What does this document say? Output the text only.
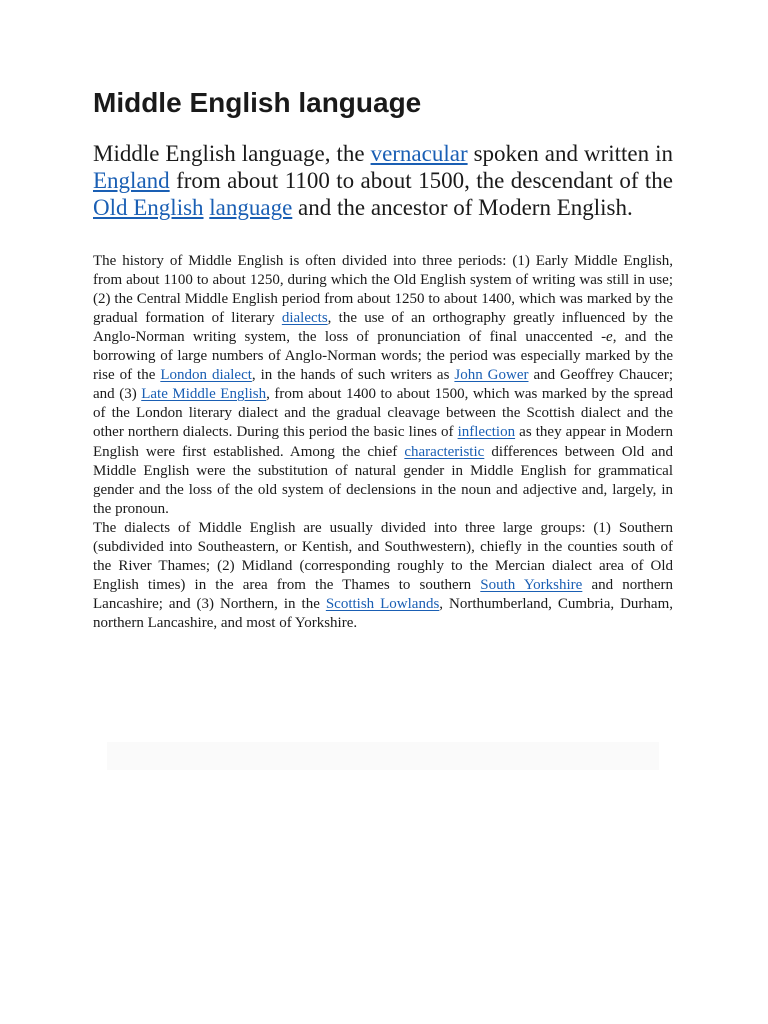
Middle English language

Middle English language, the vernacular spoken and written in England from about 1100 to about 1500, the descendant of the Old English language and the ancestor of Modern English.

The history of Middle English is often divided into three periods: (1) Early Middle English, from about 1100 to about 1250, during which the Old English system of writing was still in use; (2) the Central Middle English period from about 1250 to about 1400, which was marked by the gradual formation of literary dialects, the use of an orthography greatly influenced by the Anglo-Norman writing system, the loss of pronunciation of final unaccented -e, and the borrowing of large numbers of Anglo-Norman words; the period was especially marked by the rise of the London dialect, in the hands of such writers as John Gower and Geoffrey Chaucer; and (3) Late Middle English, from about 1400 to about 1500, which was marked by the spread of the London literary dialect and the gradual cleavage between the Scottish dialect and the other northern dialects. During this period the basic lines of inflection as they appear in Modern English were first established. Among the chief characteristic differences between Old and Middle English were the substitution of natural gender in Middle English for grammatical gender and the loss of the old system of declensions in the noun and adjective and, largely, in the pronoun.

The dialects of Middle English are usually divided into three large groups: (1) Southern (subdivided into Southeastern, or Kentish, and Southwestern), chiefly in the counties south of the River Thames; (2) Midland (corresponding roughly to the Mercian dialect area of Old English times) in the area from the Thames to southern South Yorkshire and northern Lancashire; and (3) Northern, in the Scottish Lowlands, Northumberland, Cumbria, Durham, northern Lancashire, and most of Yorkshire.
